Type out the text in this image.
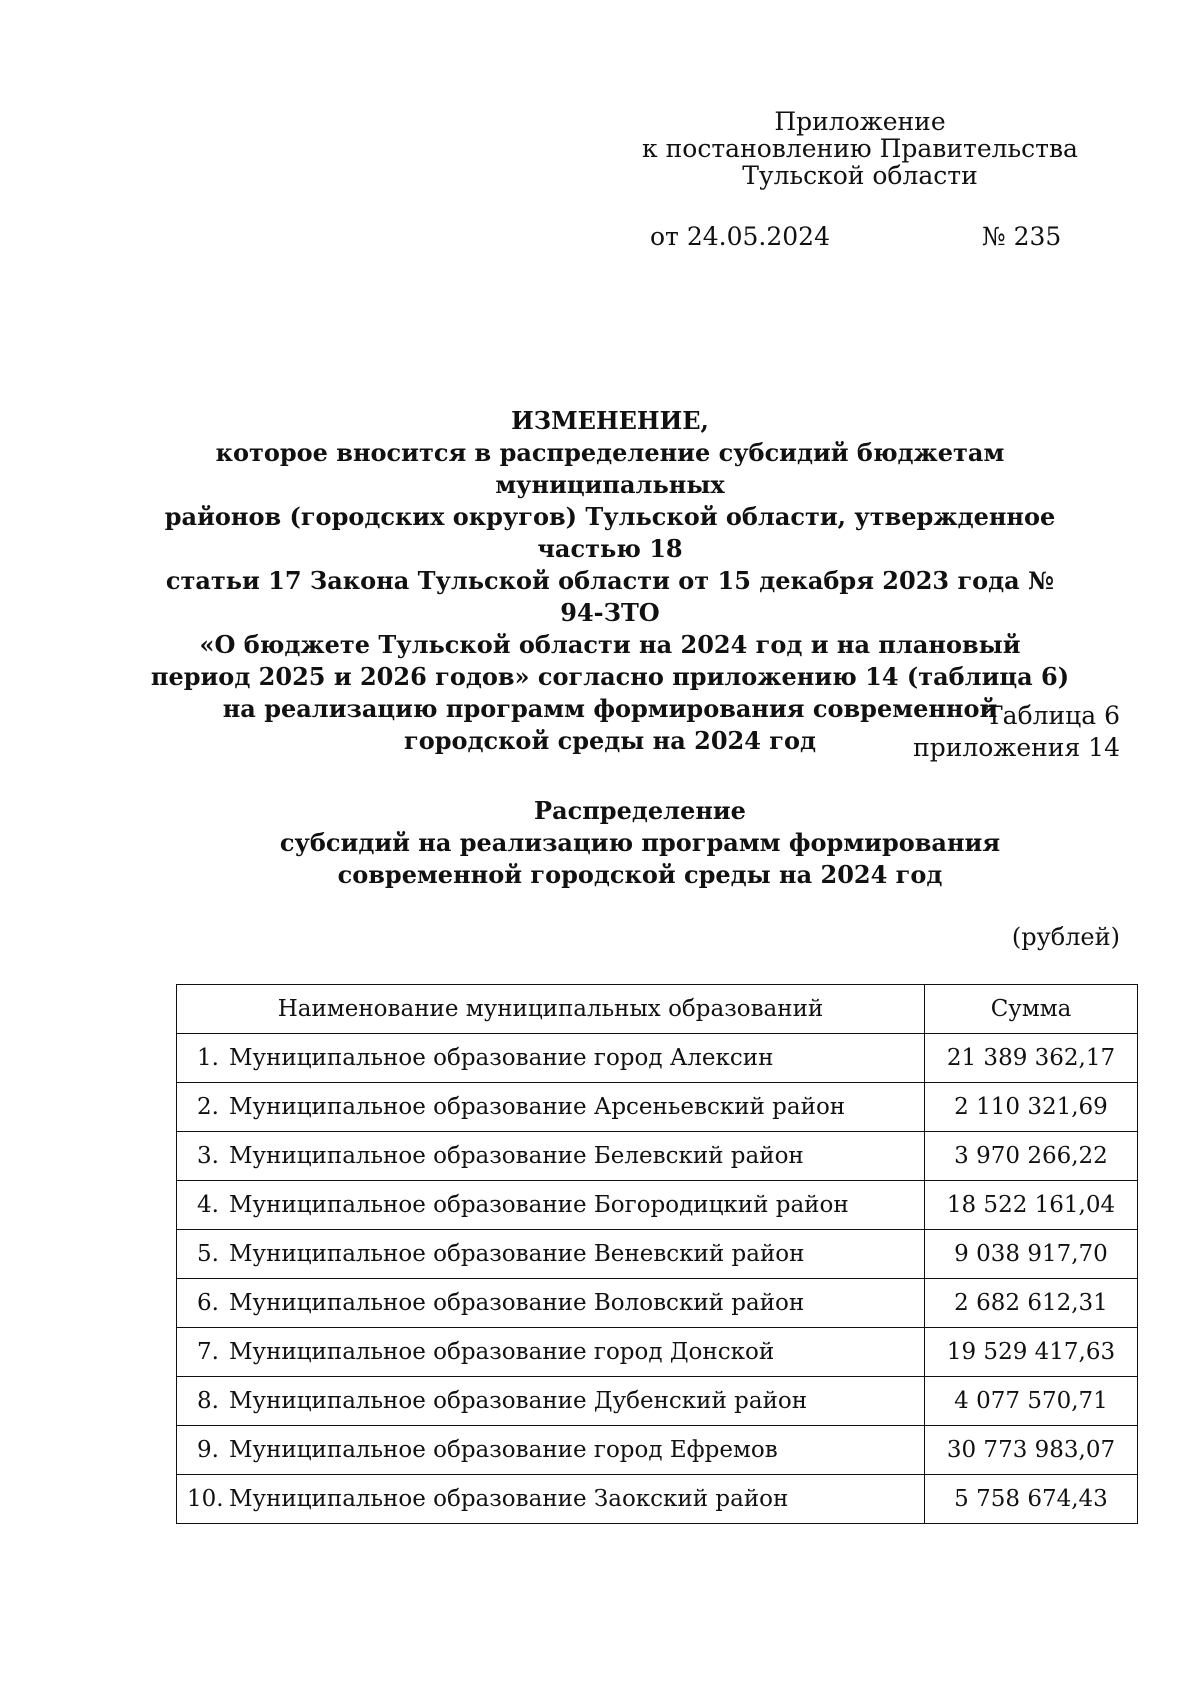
Приложение
к постановлению Правительства
Тульской области
от 24.05.2024	№ 235
ИЗМЕНЕНИЕ,
которое вносится в распределение субсидий бюджетам муниципальных
районов (городских округов) Тульской области, утвержденное частью 18
статьи 17 Закона Тульской области от 15 декабря 2023 года № 94-ЗТО
«О бюджете Тульской области на 2024 год и на плановый
период 2025 и 2026 годов» согласно приложению 14 (таблица 6)
на реализацию программ формирования современной
городской среды на 2024 год
Таблица 6
приложения 14
Распределение
субсидий на реализацию программ формирования
современной городской среды на 2024 год
(рублей)
Наименование муниципальных образований	Сумма
1. Муниципальное образование город Алексин	21 389 362,17
2. Муниципальное образование Арсеньевский район	2 110 321,69
3. Муниципальное образование Белевский район	3 970 266,22
4. Муниципальное образование Богородицкий район	18 522 161,04
5. Муниципальное образование Веневский район	9 038 917,70
6. Муниципальное образование Воловский район	2 682 612,31
7. Муниципальное образование город Донской	19 529 417,63
8. Муниципальное образование Дубенский район	4 077 570,71
9. Муниципальное образование город Ефремов	30 773 983,07
10. Муниципальное образование Заокский район	5 758 674,43
